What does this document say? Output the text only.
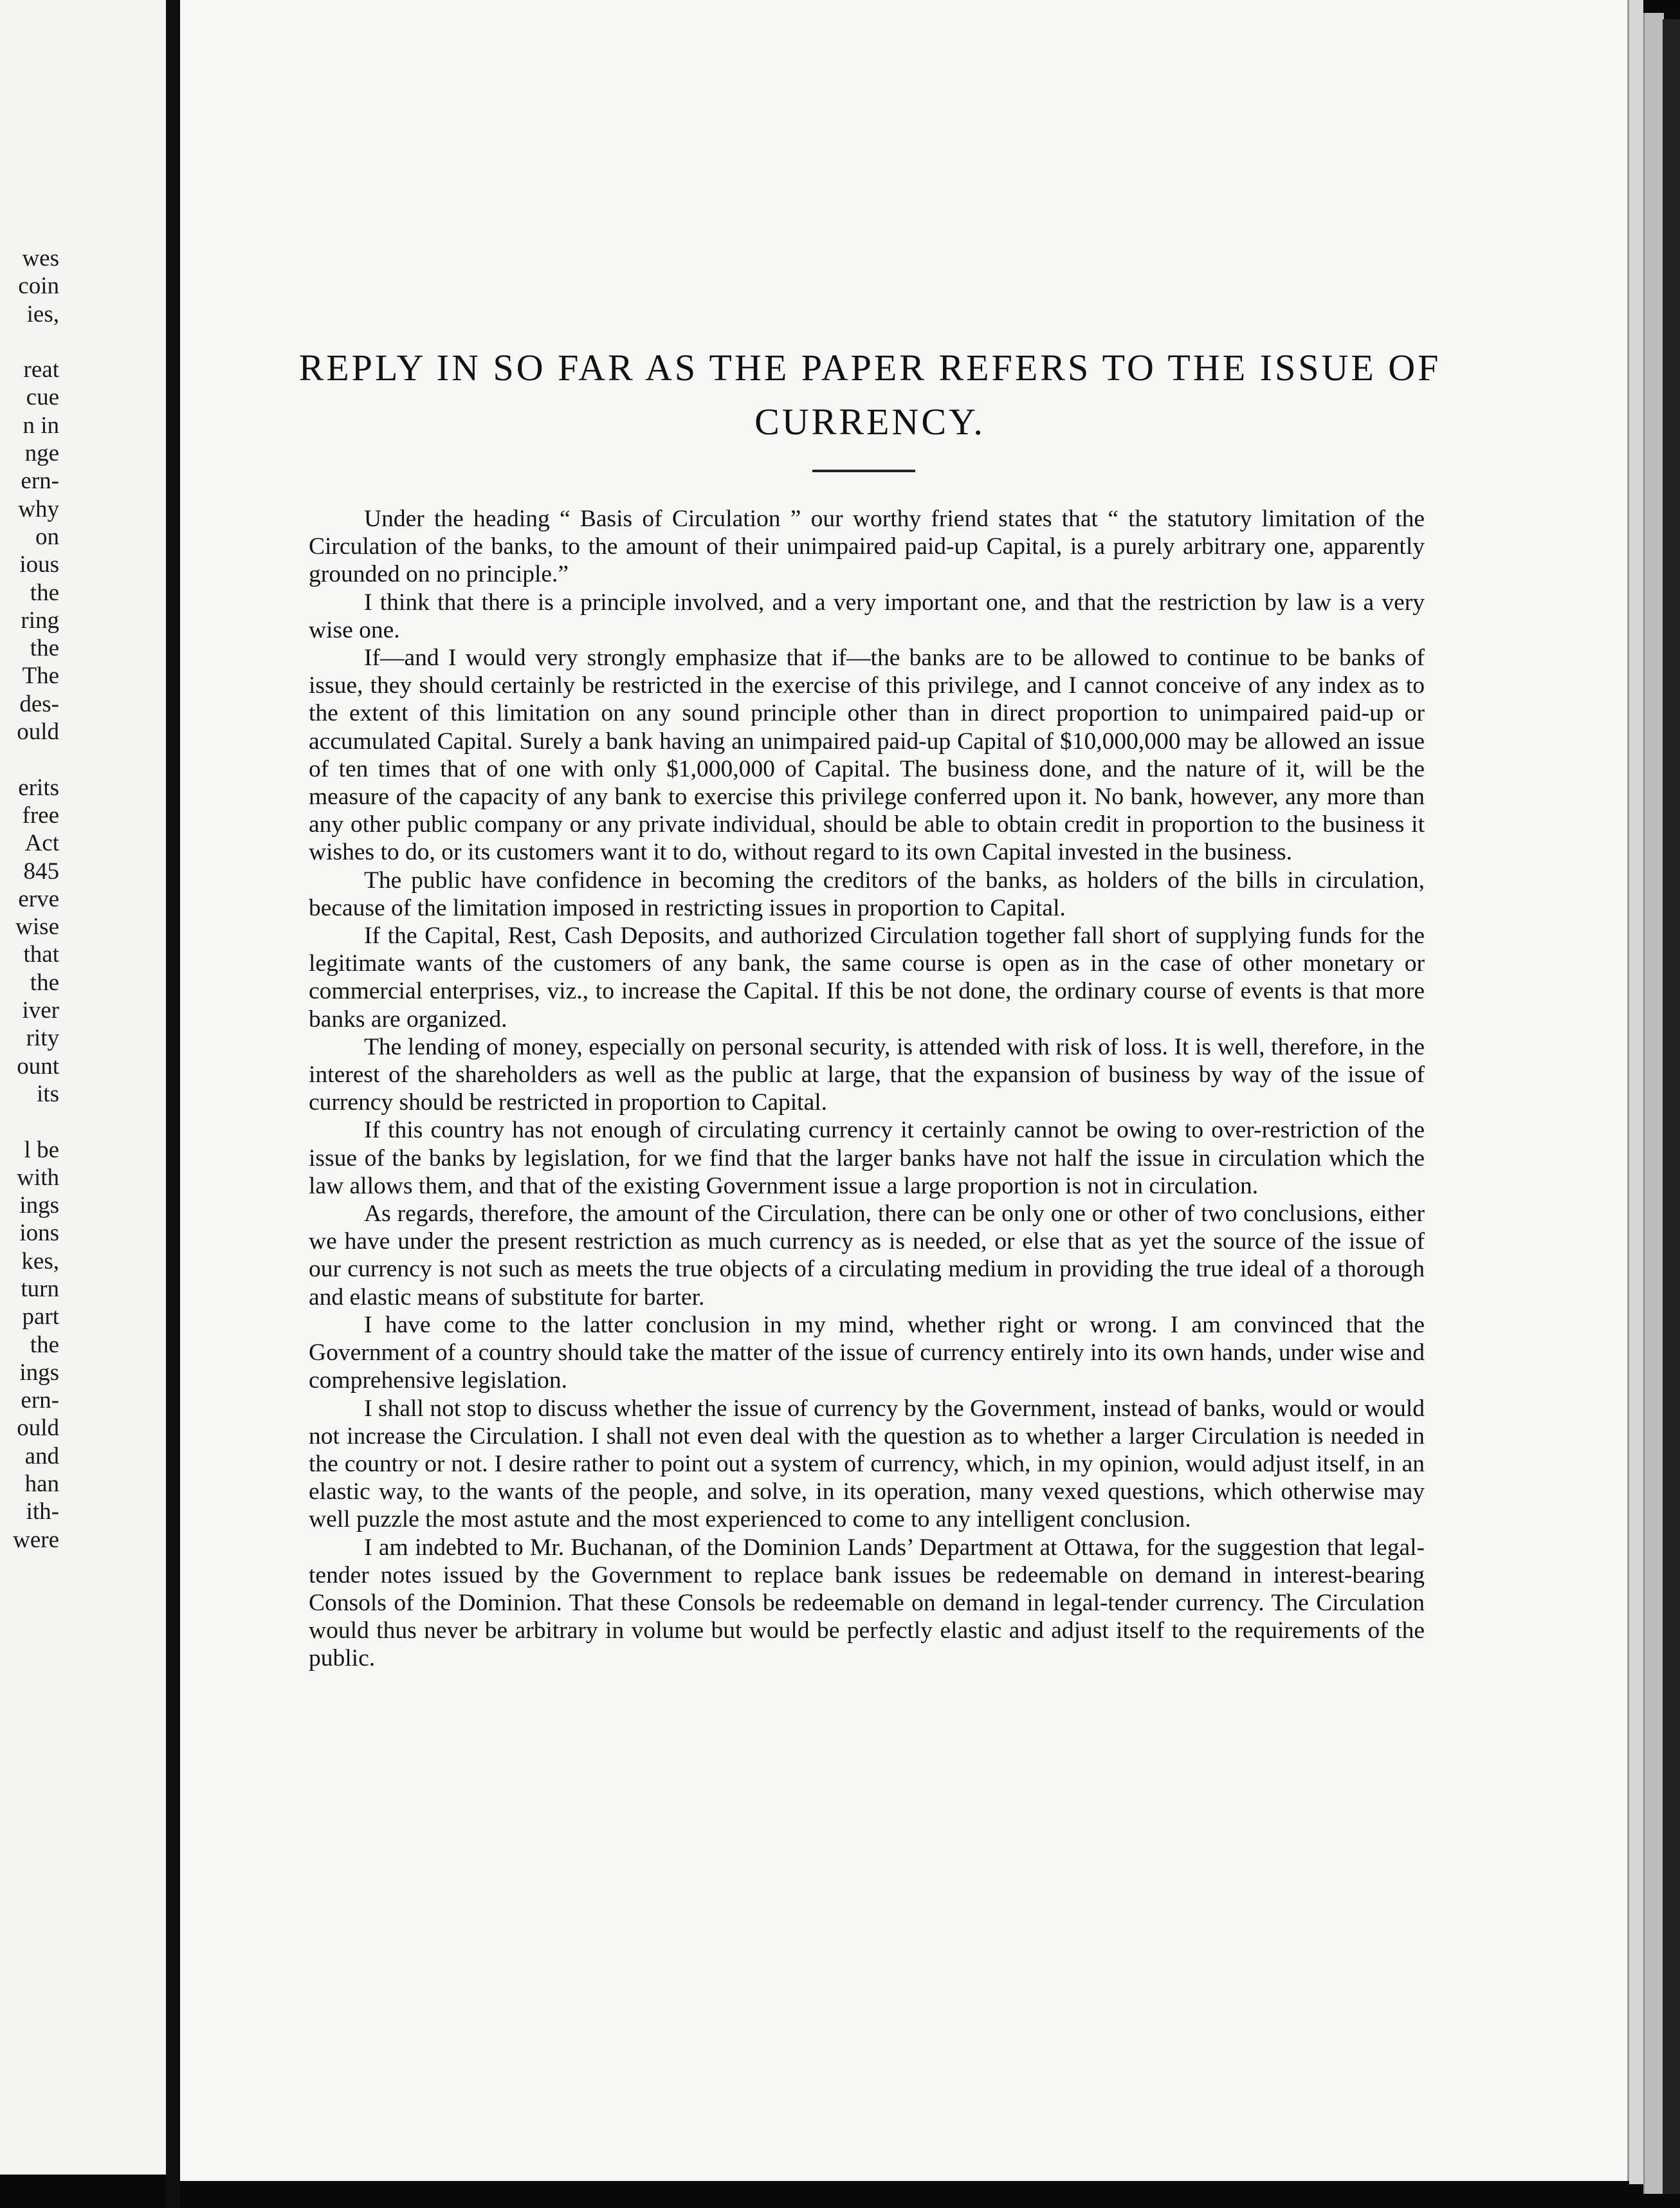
wes
coin
ies,
reat
cue
n in
nge
ern-
why
on
ious
the
ring
the
The
des-
ould
erits
free
Act
845
erve
wise
that
the
iver
rity
ount
its
l be
with
ings
ions
kes,
turn
part
the
ings
ern-
ould
and
han
ith-
were

REPLY IN SO FAR AS THE PAPER REFERS TO THE ISSUE OF CURRENCY.

Under the heading “ Basis of Circulation ” our worthy friend states that “ the statutory limitation of the Circulation of the banks, to the amount of their unimpaired paid-up Capital, is a purely arbitrary one, apparently grounded on no principle.”

I think that there is a principle involved, and a very important one, and that the restriction by law is a very wise one.

If—and I would very strongly emphasize that if—the banks are to be allowed to continue to be banks of issue, they should certainly be restricted in the exercise of this privilege, and I cannot conceive of any index as to the extent of this limitation on any sound principle other than in direct proportion to unimpaired paid-up or accumulated Capital. Surely a bank having an unimpaired paid-up Capital of $10,000,000 may be allowed an issue of ten times that of one with only $1,000,000 of Capital. The business done, and the nature of it, will be the measure of the capacity of any bank to exercise this privilege conferred upon it. No bank, however, any more than any other public company or any private individual, should be able to obtain credit in proportion to the business it wishes to do, or its customers want it to do, without regard to its own Capital invested in the business.

The public have confidence in becoming the creditors of the banks, as holders of the bills in circulation, because of the limitation imposed in restricting issues in proportion to Capital.

If the Capital, Rest, Cash Deposits, and authorized Circulation together fall short of supplying funds for the legitimate wants of the customers of any bank, the same course is open as in the case of other monetary or commercial enterprises, viz., to increase the Capital. If this be not done, the ordinary course of events is that more banks are organized.

The lending of money, especially on personal security, is attended with risk of loss. It is well, therefore, in the interest of the shareholders as well as the public at large, that the expansion of business by way of the issue of currency should be restricted in proportion to Capital.

If this country has not enough of circulating currency it certainly cannot be owing to over-restriction of the issue of the banks by legislation, for we find that the larger banks have not half the issue in circulation which the law allows them, and that of the existing Government issue a large proportion is not in circulation.

As regards, therefore, the amount of the Circulation, there can be only one or other of two conclusions, either we have under the present restriction as much currency as is needed, or else that as yet the source of the issue of our currency is not such as meets the true objects of a circulating medium in providing the true ideal of a thorough and elastic means of substitute for barter.

I have come to the latter conclusion in my mind, whether right or wrong. I am convinced that the Government of a country should take the matter of the issue of currency entirely into its own hands, under wise and comprehensive legislation.

I shall not stop to discuss whether the issue of currency by the Government, instead of banks, would or would not increase the Circulation. I shall not even deal with the question as to whether a larger Circulation is needed in the country or not. I desire rather to point out a system of currency, which, in my opinion, would adjust itself, in an elastic way, to the wants of the people, and solve, in its operation, many vexed questions, which otherwise may well puzzle the most astute and the most experienced to come to any intelligent conclusion.

I am indebted to Mr. Buchanan, of the Dominion Lands’ Department at Ottawa, for the suggestion that legal-tender notes issued by the Government to replace bank issues be redeemable on demand in interest-bearing Consols of the Dominion. That these Consols be redeemable on demand in legal-tender currency. The Circulation would thus never be arbitrary in volume but would be perfectly elastic and adjust itself to the requirements of the public.
